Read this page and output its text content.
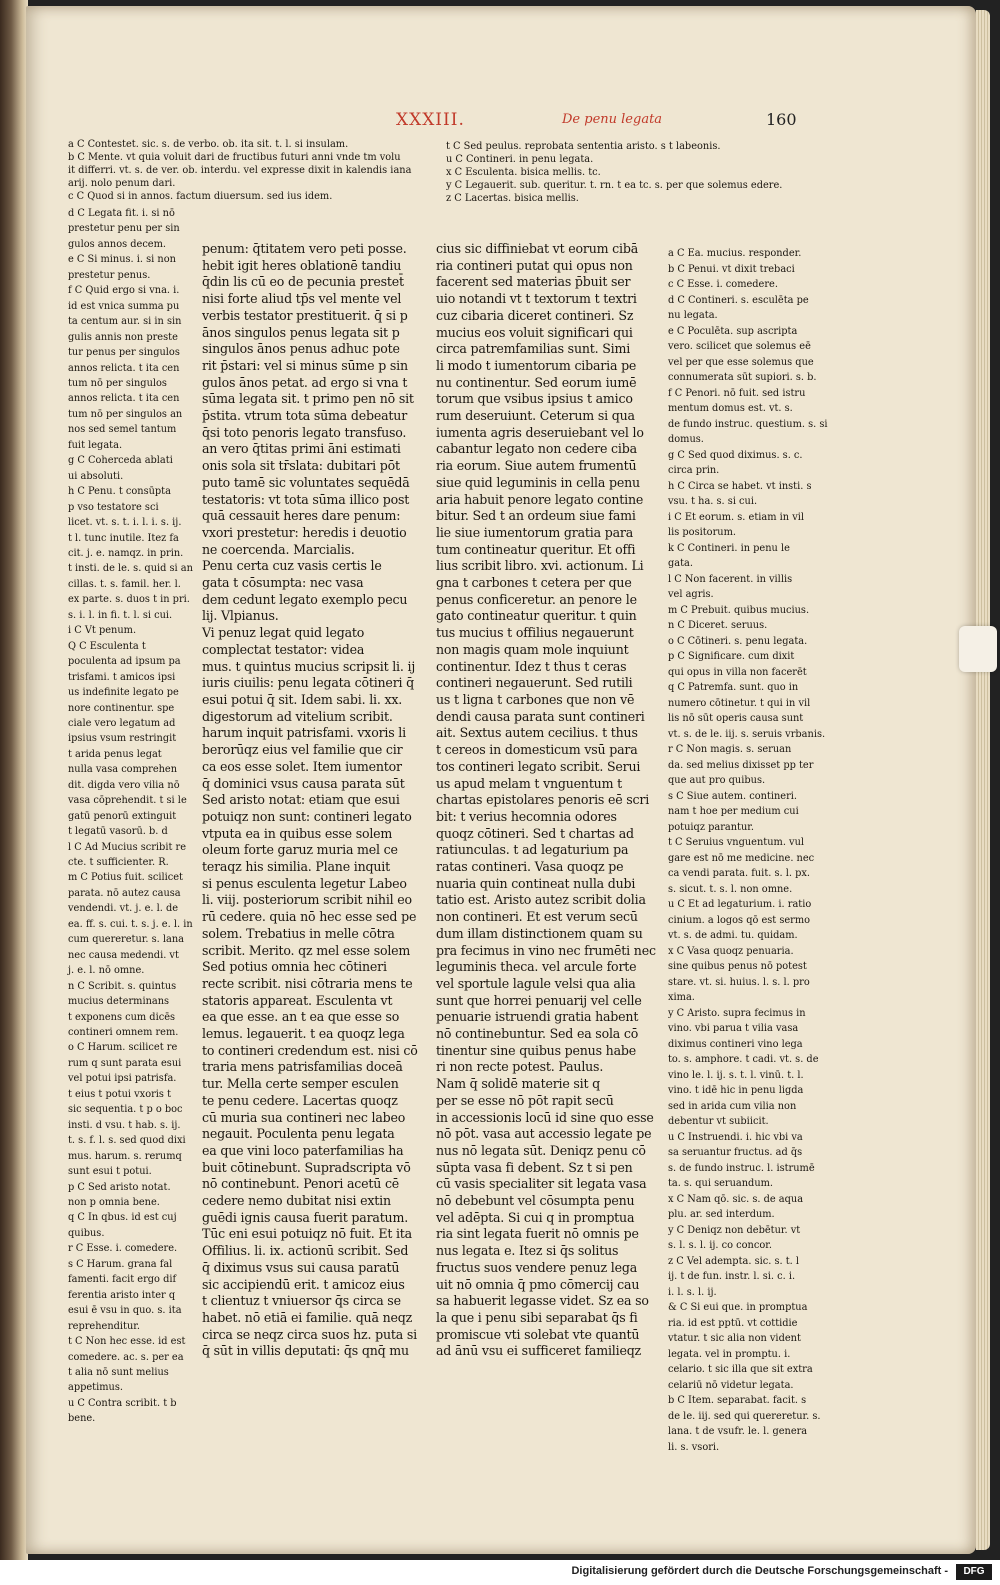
XXXIII.	De penu legata	160
a C Contestet. sic. s. de verbo. ob. ita sit. t. l. si insulam.
b C Mente. vt quia voluit dari de fructibus futuri anni vnde tm volu
it differri. vt. s. de ver. ob. interdu. vel expresse dixit in kalendis iana
arij. nolo penum dari.
c C Quod si in annos. factum diuersum. sed ius idem.
t C Sed peulus. reprobata sententia aristo. s t labeonis.
u C Contineri. in penu legata.
x C Esculenta. bisica mellis. tc.
y C Legauerit. sub. queritur. t. rn. t ea tc. s. per que solemus edere.
z C Lacertas. bisica mellis.
d C Legata fit. i. si nō
prestetur penu per sin
gulos annos decem.
e C Si minus. i. si non
prestetur penus.
f C Quid ergo si vna. i.
id est vnica summa pu
ta centum aur. si in sin
gulis annis non preste
tur penus per singulos
annos relicta. t ita cen
tum nō per singulos
annos relicta. t ita cen
tum nō per singulos an
nos sed semel tantum
fuit legata.
g C Coherceda ablati
ui absoluti.
h C Penu. t consūpta
p vso testatore sci
licet. vt. s. t. i. l. i. s. ij.
t l. tunc inutile. Itez fa
cit. j. e. namqz. in prin.
t insti. de le. s. quid si an
cillas. t. s. famil. her. l.
ex parte. s. duos t in pri.
s. i. l. in fi. t. l. si cui.
i C Vt penum.
Q C Esculenta t
poculenta ad ipsum pa
trisfami. t amicos ipsi
us indefinite legato pe
nore continentur. spe
ciale vero legatum ad
ipsius vsum restringit
t arida penus legat
nulla vasa comprehen
dit. digda vero vilia nō
vasa cōprehendit. t si le
gatū penorū extinguit
t legatū vasorū. b. d
l C Ad Mucius scribit re
cte. t sufficienter. R.
m C Potius fuit. scilicet
parata. nō autez causa
vendendi. vt. j. e. l. de
ea. ff. s. cui. t. s. j. e. l. in
cum quereretur. s. lana
nec causa medendi. vt
j. e. l. nō omne.
n C Scribit. s. quintus
mucius determinans
t exponens cum dicēs
contineri omnem rem.
o C Harum. scilicet re
rum q sunt parata esui
vel potui ipsi patrisfa.
t eius t potui vxoris t
sic sequentia. t p o boc
insti. d vsu. t hab. s. ij.
t. s. f. l. s. sed quod dixi
mus. harum. s. rerumq
sunt esui t potui.
p C Sed aristo notat.
non p omnia bene.
q C In qbus. id est cuj
quibus.
r C Esse. i. comedere.
s C Harum. grana fal
famenti. facit ergo dif
ferentia aristo inter q
esui ē vsu in quo. s. ita
reprehenditur.
t C Non hec esse. id est
comedere. ac. s. per ea
t alia nō sunt melius
appetimus.
u C Contra scribit. t b
bene.
penum: q̄titatem vero peti posse.
hebit igit heres oblationē tandiu
q̄din lis cū eo de pecunia prestet̄
nisi forte aliud tp̄s vel mente vel
verbis testator prestituerit. q̄ si p
ānos singulos penus legata sit p
singulos ānos penus adhuc pote
rit p̄stari: vel si minus sūme p sin
gulos ānos petat. ad ergo si vna t
sūma legata sit. t primo pen nō sit
p̄stita. vtrum tota sūma debeatur
q̄si toto penoris legato transfuso.
an vero q̄titas primi āni estimati
onis sola sit tr̄slata: dubitari pōt
puto tamē sic voluntates sequēdā
testatoris: vt tota sūma illico post
quā cessauit heres dare penum:
vxori prestetur: heredis i deuotio
ne coercenda. Marcialis.
Penu certa cuz vasis certis le
gata t cōsumpta: nec vasa
dem cedunt legato exemplo pecu
lij. Vlpianus.
Vi penuz legat quid legato
complectat testator: videa
mus. t quintus mucius scripsit li. ij
iuris ciuilis: penu legata cōtineri q̄
esui potui q̄ sit. Idem sabi. li. xx.
digestorum ad vitelium scribit.
harum inquit patrisfami. vxoris li
berorūqz eius vel familie que cir
ca eos esse solet. Item iumentor
q̄ dominici vsus causa parata sūt
Sed aristo notat: etiam que esui
potuiqz non sunt: contineri legato
vtputa ea in quibus esse solem
oleum forte garuz muria mel ce
teraqz his similia. Plane inquit
si penus esculenta legetur Labeo
li. viij. posteriorum scribit nihil eo
rū cedere. quia nō hec esse sed pe
solem. Trebatius in melle cōtra
scribit. Merito. qz mel esse solem
Sed potius omnia hec cōtineri
recte scribit. nisi cōtraria mens te
statoris appareat. Esculenta vt
ea que esse. an t ea que esse so
lemus. legauerit. t ea quoqz lega
to contineri credendum est. nisi cō
traria mens patrisfamilias doceā
tur. Mella certe semper esculen
te penu cedere. Lacertas quoqz
cū muria sua contineri nec labeo
negauit. Poculenta penu legata
ea que vini loco paterfamilias ha
buit cōtinebunt. Supradscripta vō
nō continebunt. Penori acetū cē
cedere nemo dubitat nisi extin
guēdi ignis causa fuerit paratum.
Tūc eni esui potuiqz nō fuit. Et ita
Offilius. li. ix. actionū scribit. Sed
q̄ diximus vsus sui causa paratū
sic accipiendū erit. t amicoz eius
t clientuz t vniuersor q̄s circa se
habet. nō etiā ei familie. quā neqz
circa se neqz circa suos hz. puta si
q̄ sūt in villis deputati: q̄s qnq̄ mu
cius sic diffiniebat vt eorum cibā
ria contineri putat qui opus non
facerent sed materias p̄buit ser
uio notandi vt t textorum t textri
cuz cibaria diceret contineri. Sz
mucius eos voluit significari qui
circa patremfamilias sunt. Simi
li modo t iumentorum cibaria pe
nu continentur. Sed eorum iumē
torum que vsibus ipsius t amico
rum deseruiunt. Ceterum si qua
iumenta agris deseruiebant vel lo
cabantur legato non cedere ciba
ria eorum. Siue autem frumentū
siue quid leguminis in cella penu
aria habuit penore legato contine
bitur. Sed t an ordeum siue fami
lie siue iumentorum gratia para
tum contineatur queritur. Et offi
lius scribit libro. xvi. actionum. Li
gna t carbones t cetera per que
penus conficeretur. an penore le
gato contineatur queritur. t quin
tus mucius t offilius negauerunt
non magis quam mole inquiunt
continentur. Idez t thus t ceras
contineri negauerunt. Sed rutili
us t ligna t carbones que non vē
dendi causa parata sunt contineri
ait. Sextus autem cecilius. t thus
t cereos in domesticum vsū para
tos contineri legato scribit. Serui
us apud melam t vnguentum t
chartas epistolares penoris eē scri
bit: t verius hecomnia odores
quoqz cōtineri. Sed t chartas ad
ratiunculas. t ad legaturium pa
ratas contineri. Vasa quoqz pe
nuaria quin contineat nulla dubi
tatio est. Aristo autez scribit dolia
non contineri. Et est verum secū
dum illam distinctionem quam su
pra fecimus in vino nec frumēti nec
leguminis theca. vel arcule forte
vel sportule lagule velsi qua alia
sunt que horrei penuarij vel celle
penuarie istruendi gratia habent
nō continebuntur. Sed ea sola cō
tinentur sine quibus penus habe
ri non recte potest. Paulus.
Nam q̄ solidē materie sit q
per se esse nō pōt rapit secū
in accessionis locū id sine quo esse
nō pōt. vasa aut accessio legate pe
nus nō legata sūt. Deniqz penu cō
sūpta vasa fi debent. Sz t si pen
cū vasis specialiter sit legata vasa
nō debebunt vel cōsumpta penu
vel adēpta. Si cui q in promptua
ria sint legata fuerit nō omnis pe
nus legata e. Itez si q̄s solitus
fructus suos vendere penuz lega
uit nō omnia q̄ pmo cōmercij cau
sa habuerit legasse videt. Sz ea so
la que i penu sibi separabat q̄s fi
promiscue vti solebat vte quantū
ad ānū vsu ei sufficeret familieqz
a C Ea. mucius. responder.
b C Penui. vt dixit trebaci
c C Esse. i. comedere.
d C Contineri. s. esculēta pe
nu legata.
e C Poculēta. sup ascripta
vero. scilicet que solemus eē
vel per que esse solemus que
connumerata sūt supiori. s. b.
f C Penori. nō fuit. sed istru
mentum domus est. vt. s.
de fundo instruc. questium. s. si
domus.
g C Sed quod diximus. s. c.
circa prin.
h C Circa se habet. vt insti. s
vsu. t ha. s. si cui.
i C Et eorum. s. etiam in vil
lis positorum.
k C Contineri. in penu le
gata.
l C Non facerent. in villis
vel agris.
m C Prebuit. quibus mucius.
n C Diceret. seruus.
o C Cōtineri. s. penu legata.
p C Significare. cum dixit
qui opus in villa non facerēt
q C Patremfa. sunt. quo in
numero cōtinetur. t qui in vil
lis nō sūt operis causa sunt
vt. s. de le. iij. s. seruis vrbanis.
r C Non magis. s. seruan
da. sed melius dixisset pp ter
que aut pro quibus.
s C Siue autem. contineri.
nam t hoe per medium cui
potuiqz parantur.
t C Seruius vnguentum. vul
gare est nō me medicine. nec
ca vendi parata. fuit. s. l. px.
s. sicut. t. s. l. non omne.
u C Et ad legaturium. i. ratio
cinium. a logos qō est sermo
vt. s. de admi. tu. quidam.
x C Vasa quoqz penuaria.
sine quibus penus nō potest
stare. vt. si. huius. l. s. l. pro
xima.
y C Aristo. supra fecimus in
vino. vbi parua t vilia vasa
diximus contineri vino lega
to. s. amphore. t cadi. vt. s. de
vino le. l. ij. s. t. l. vinū. t. l.
vino. t idē hic in penu ligda
sed in arida cum vilia non
debentur vt subiicit.
u C Instruendi. i. hic vbi va
sa seruantur fructus. ad q̄s
s. de fundo instruc. l. istrumē
ta. s. qui seruandum.
x C Nam qō. sic. s. de aqua
plu. ar. sed interdum.
y C Deniqz non debētur. vt
s. l. s. l. ij. co concor.
z C Vel adempta. sic. s. t. l
ij. t de fun. instr. l. si. c. i.
i. l. s. l. ij.
& C Si eui que. in promptua
ria. id est pptū. vt cottidie
vtatur. t sic alia non vident
legata. vel in promptu. i.
celario. t sic illa que sit extra
celariū nō videtur legata.
b C Item. separabat. facit. s
de le. iij. sed qui quereretur. s.
lana. t de vsufr. le. l. genera
li. s. vsori.
Digitalisierung gefördert durch die Deutsche Forschungsgemeinschaft -	DFG
